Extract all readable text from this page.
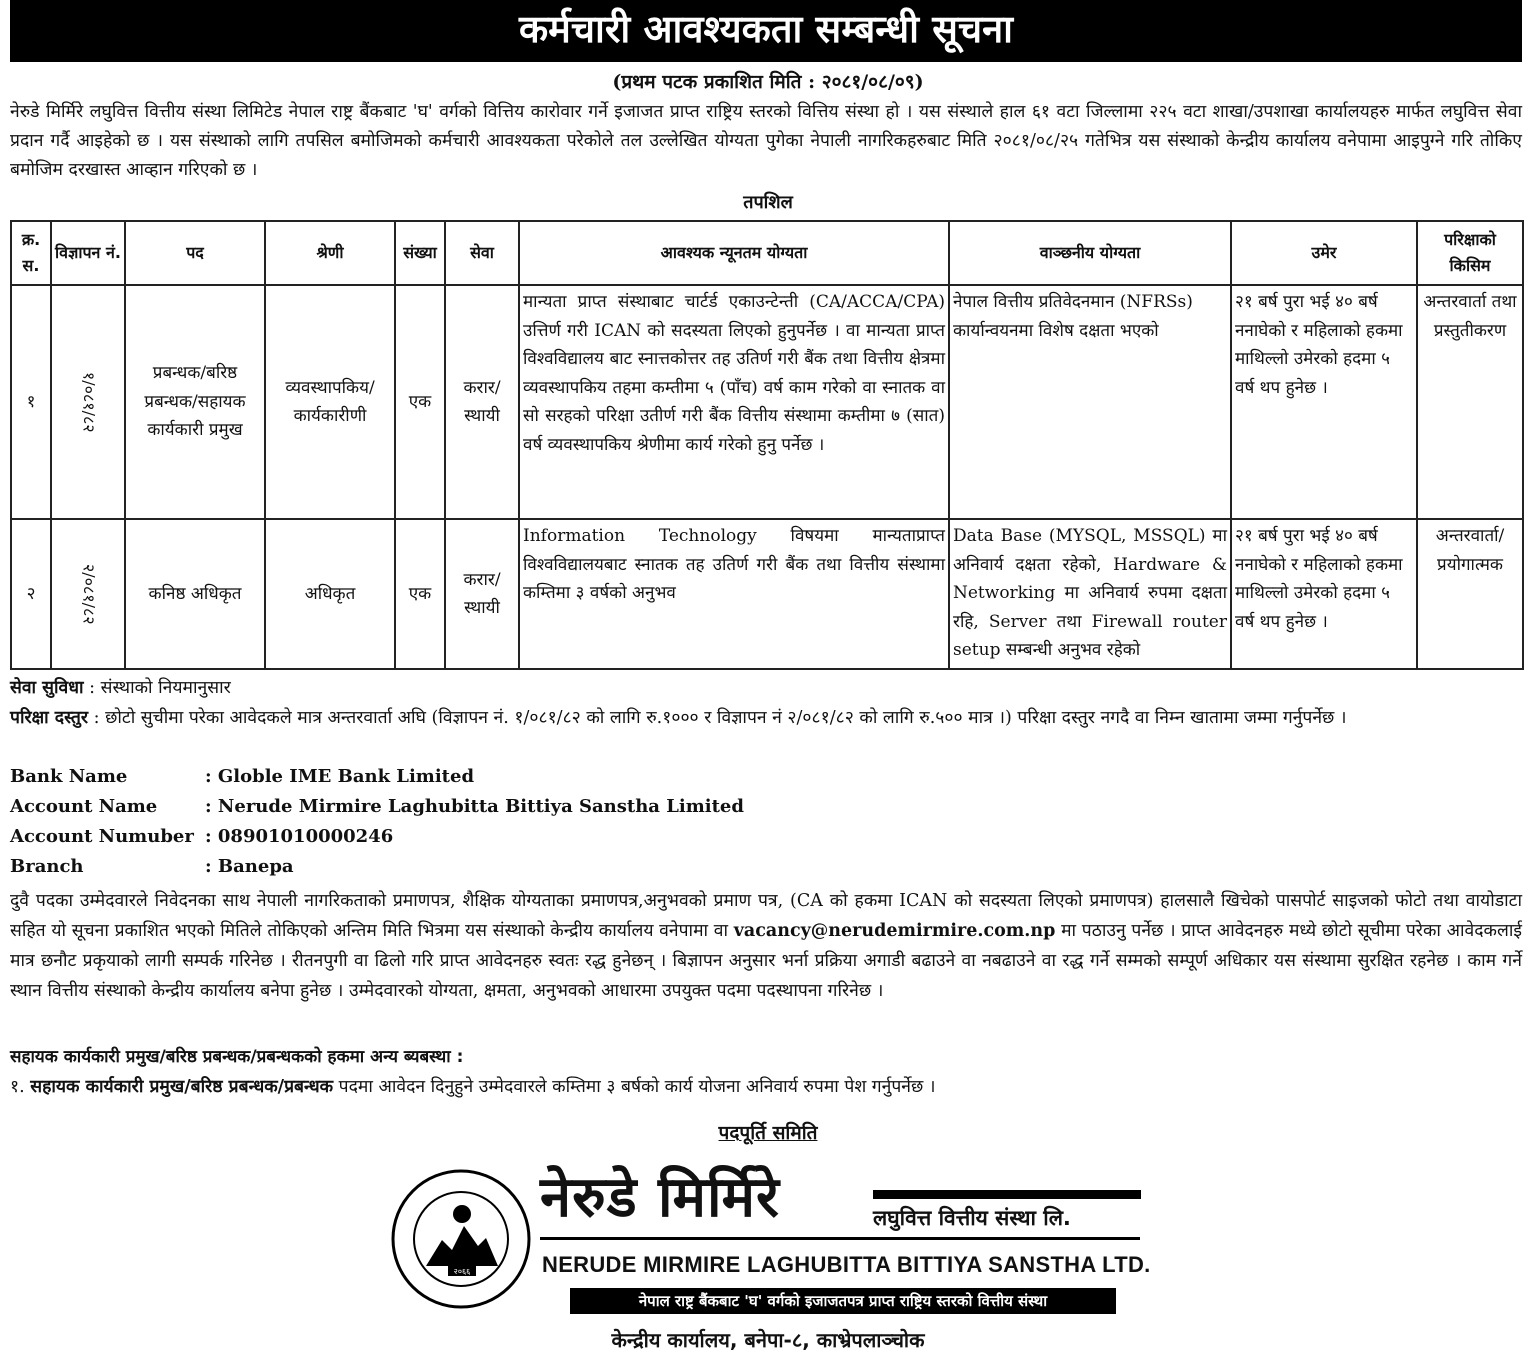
कर्मचारी आवश्यकता सम्बन्धी सूचना
(प्रथम पटक प्रकाशित मिति : २०८१/०८/०९)
नेरुडे मिर्मिरे लघुवित्त वित्तीय संस्था लिमिटेड नेपाल राष्ट्र बैंकबाट 'घ' वर्गको वित्तिय कारोवार गर्ने इजाजत प्राप्त राष्ट्रिय स्तरको वित्तिय संस्था हो । यस संस्थाले हाल ६१ वटा जिल्लामा २२५ वटा शाखा/उपशाखा कार्यालयहरु मार्फत लघुवित्त सेवा प्रदान गर्दै आइहेको छ । यस संस्थाको लागि तपसिल बमोजिमको कर्मचारी आवश्यकता परेकोले तल उल्लेखित योग्यता पुगेका नेपाली नागरिकहरुबाट मिति २०८१/०८/२५ गतेभित्र यस संस्थाको केन्द्रीय कार्यालय वनेपामा आइपुग्ने गरि तोकिए बमोजिम दरखास्त आव्हान गरिएको छ ।
तपशिल
क्र. स.	विज्ञापन नं.	पद	श्रेणी	संख्या	सेवा	आवश्यक न्यूनतम योग्यता	वाञ्छनीय योग्यता	उमेर	परिक्षाको किसिम
१	१/०८१/८२	प्रबन्धक/बरिष्ठ प्रबन्धक/सहायक कार्यकारी प्रमुख	व्यवस्थापकिय/ कार्यकारीणी	एक	करार/ स्थायी	मान्यता प्राप्त संस्थाबाट चार्टर्ड एकाउन्टेन्ती (CA/ACCA/CPA) उत्तिर्ण गरी ICAN को सदस्यता लिएको हुनुपर्नेछ । वा मान्यता प्राप्त विश्वविद्यालय बाट स्नात्तकोत्तर तह उतिर्ण गरी बैंक तथा वित्तीय क्षेत्रमा व्यवस्थापकिय तहमा कम्तीमा ५ (पाँच) वर्ष काम गरेको वा स्नातक वा सो सरहको परिक्षा उतीर्ण गरी बैंक वित्तीय संस्थामा कम्तीमा ७ (सात) वर्ष व्यवस्थापकिय श्रेणीमा कार्य गरेको हुनु पर्नेछ ।	नेपाल वित्तीय प्रतिवेदनमान (NFRSs) कार्यान्वयनमा विशेष दक्षता भएको	२१ बर्ष पुरा भई ४० बर्ष ननाघेको र महिलाको हकमा माथिल्लो उमेरको हदमा ५ वर्ष थप हुनेछ ।	अन्तरवार्ता तथा प्रस्तुतीकरण
२	२/०८१/८२	कनिष्ठ अधिकृत	अधिकृत	एक	करार/ स्थायी	Information Technology विषयमा मान्यताप्राप्त विश्वविद्यालयबाट स्नातक तह उतिर्ण गरी बैंक तथा वित्तीय संस्थामा कम्तिमा ३ वर्षको अनुभव	Data Base (MYSQL, MSSQL) मा अनिवार्य दक्षता रहेको, Hardware & Networking मा अनिवार्य रुपमा दक्षता रहि, Server तथा Firewall router setup सम्बन्धी अनुभव रहेको	२१ बर्ष पुरा भई ४० बर्ष ननाघेको र महिलाको हकमा माथिल्लो उमेरको हदमा ५ वर्ष थप हुनेछ ।	अन्तरवार्ता/ प्रयोगात्मक
सेवा सुविधा : संस्थाको नियमानुसार
परिक्षा दस्तुर : छोटो सुचीमा परेका आवेदकले मात्र अन्तरवार्ता अघि (विज्ञापन नं. १/०८१/८२ को लागि रु.१००० र विज्ञापन नं २/०८१/८२ को लागि रु.५०० मात्र ।) परिक्षा दस्तुर नगदै वा निम्न खातामा जम्मा गर्नुपर्नेछ ।
Bank Name	: Globle IME Bank Limited
Account Name	: Nerude Mirmire Laghubitta Bittiya Sanstha Limited
Account Numuber : 08901010000246
Branch	: Banepa
दुवै पदका उम्मेदवारले निवेदनका साथ नेपाली नागरिकताको प्रमाणपत्र, शैक्षिक योग्यताका प्रमाणपत्र,अनुभवको प्रमाण पत्र, (CA को हकमा ICAN को सदस्यता लिएको प्रमाणपत्र) हालसालै खिचेको पासपोर्ट साइजको फोटो तथा वायोडाटा सहित यो सूचना प्रकाशित भएको मितिले तोकिएको अन्तिम मिति भित्रमा यस संस्थाको केन्द्रीय कार्यालय वनेपामा वा vacancy@nerudemirmire.com.np मा पठाउनु पर्नेछ । प्राप्त आवेदनहरु मध्ये छोटो सूचीमा परेका आवेदकलाई मात्र छनौट प्रकृयाको लागी सम्पर्क गरिनेछ । रीतनपुगी वा ढिलो गरि प्राप्त आवेदनहरु स्वतः रद्ध हुनेछन् । बिज्ञापन अनुसार भर्ना प्रक्रिया अगाडी बढाउने वा नबढाउने वा रद्ध गर्ने सम्मको सम्पूर्ण अधिकार यस संस्थामा सुरक्षित रहनेछ । काम गर्ने स्थान वित्तीय संस्थाको केन्द्रीय कार्यालय बनेपा हुनेछ । उम्मेदवारको योग्यता, क्षमता, अनुभवको आधारमा उपयुक्त पदमा पदस्थापना गरिनेछ ।
सहायक कार्यकारी प्रमुख/बरिष्ठ प्रबन्धक/प्रबन्धकको हकमा अन्य ब्यबस्था :
१. सहायक कार्यकारी प्रमुख/बरिष्ठ प्रबन्धक/प्रबन्धक पदमा आवेदन दिनुहुने उम्मेदवारले कम्तिमा ३ बर्षको कार्य योजना अनिवार्य रुपमा पेश गर्नुपर्नेछ ।
पदपूर्ति समिति
२०६६
नेरुडे मिर्मिरे	लघुवित्त वित्तीय संस्था लि.
NERUDE MIRMIRE LAGHUBITTA BITTIYA SANSTHA LTD.
नेपाल राष्ट्र बैंकबाट 'घ' वर्गको इजाजतपत्र प्राप्त राष्ट्रिय स्तरको वित्तीय संस्था
केन्द्रीय कार्यालय, बनेपा-८, काभ्रेपलाञ्चोक
